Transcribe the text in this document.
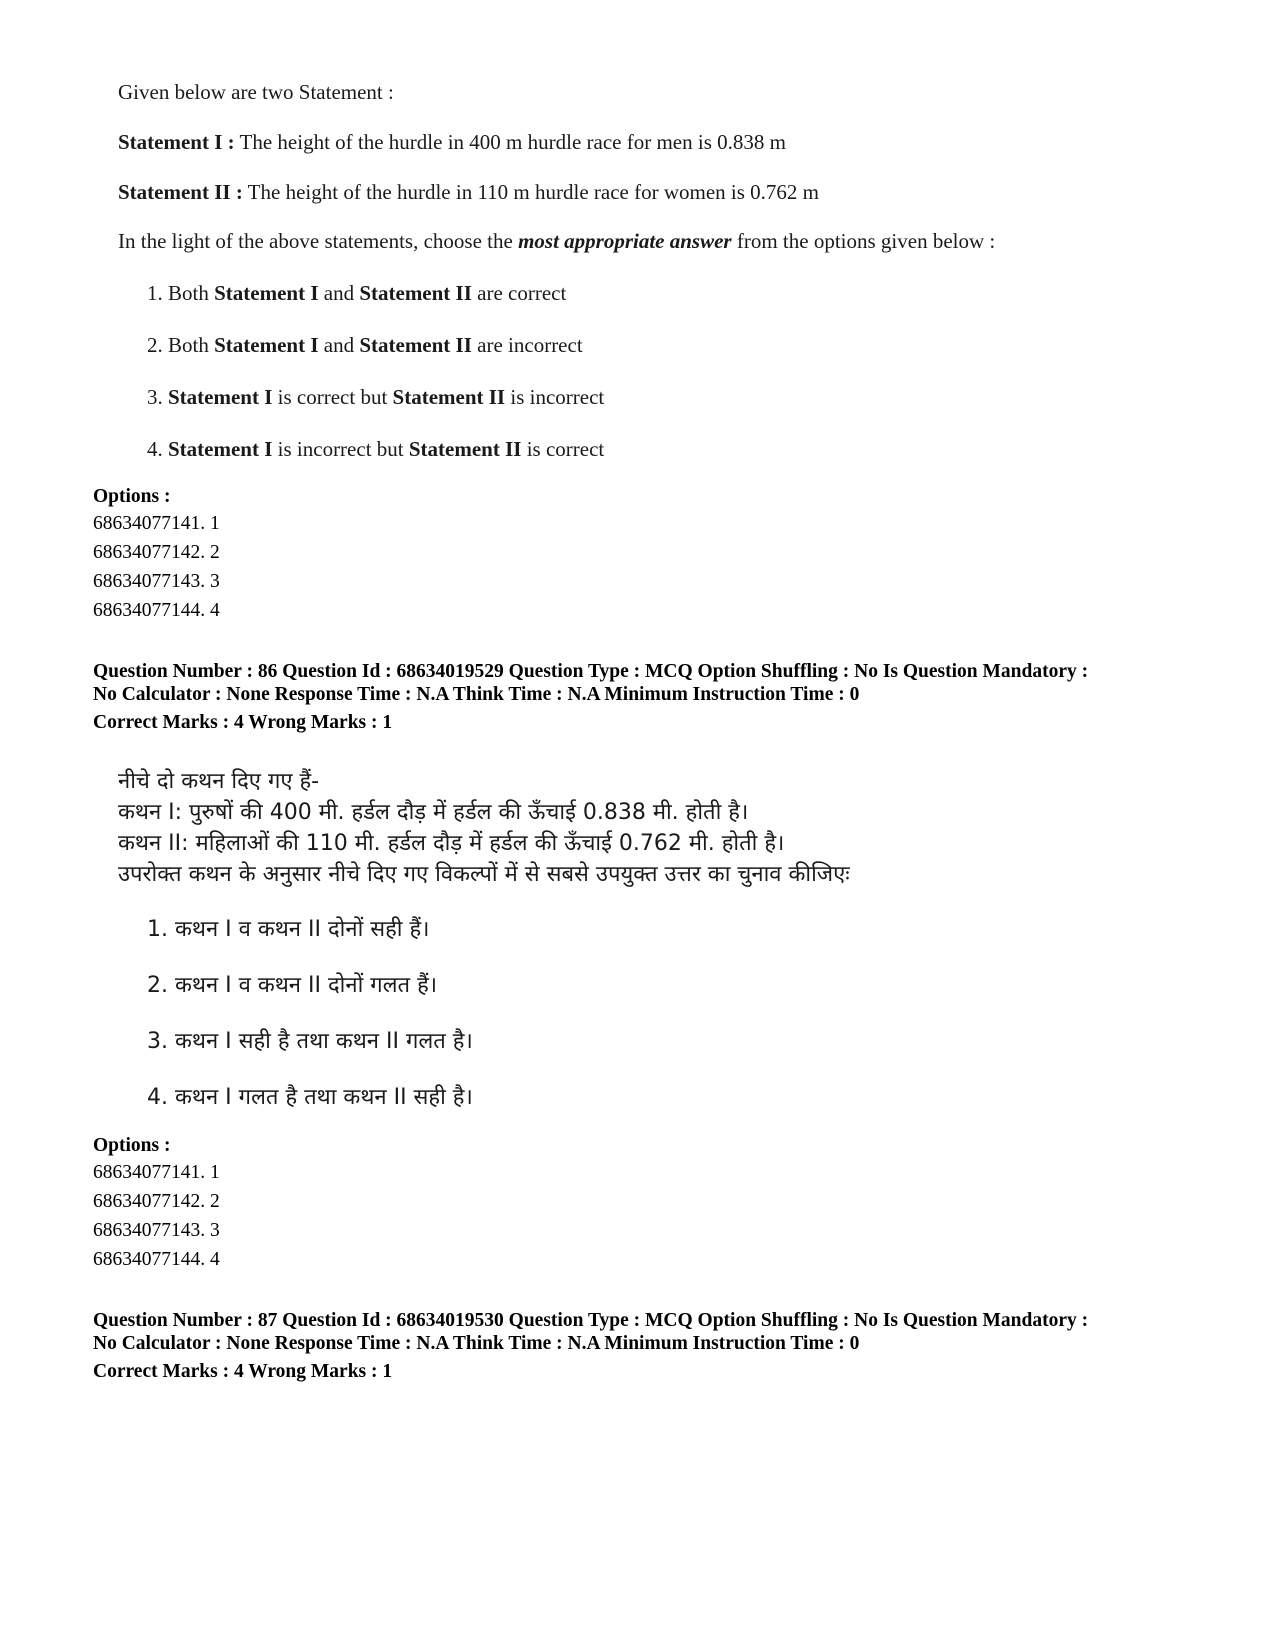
Given below are two Statement :
Statement I : The height of the hurdle in 400 m hurdle race for men is 0.838 m
Statement II : The height of the hurdle in 110 m hurdle race for women is 0.762 m
In the light of the above statements, choose the most appropriate answer from the options given below :
1. Both Statement I and Statement II are correct
2. Both Statement I and Statement II are incorrect
3. Statement I is correct but Statement II is incorrect
4. Statement I is incorrect but Statement II is correct
Options :
68634077141. 1
68634077142. 2
68634077143. 3
68634077144. 4
Question Number : 86 Question Id : 68634019529 Question Type : MCQ Option Shuffling : No Is Question Mandatory :
No Calculator : None Response Time : N.A Think Time : N.A Minimum Instruction Time : 0
Correct Marks : 4 Wrong Marks : 1
नीचे दो कथन दिए गए हैं-
कथन I: पुरुषों की 400 मी. हर्डल दौड़ में हर्डल की ऊँचाई 0.838 मी. होती है।
कथन II: महिलाओं की 110 मी. हर्डल दौड़ में हर्डल की ऊँचाई 0.762 मी. होती है।
उपरोक्त कथन के अनुसार नीचे दिए गए विकल्पों में से सबसे उपयुक्त उत्तर का चुनाव कीजिएः
1. कथन I व कथन II दोनों सही हैं।
2. कथन I व कथन II दोनों गलत हैं।
3. कथन I सही है तथा कथन II गलत है।
4. कथन I गलत है तथा कथन II सही है।
Options :
68634077141. 1
68634077142. 2
68634077143. 3
68634077144. 4
Question Number : 87 Question Id : 68634019530 Question Type : MCQ Option Shuffling : No Is Question Mandatory :
No Calculator : None Response Time : N.A Think Time : N.A Minimum Instruction Time : 0
Correct Marks : 4 Wrong Marks : 1
